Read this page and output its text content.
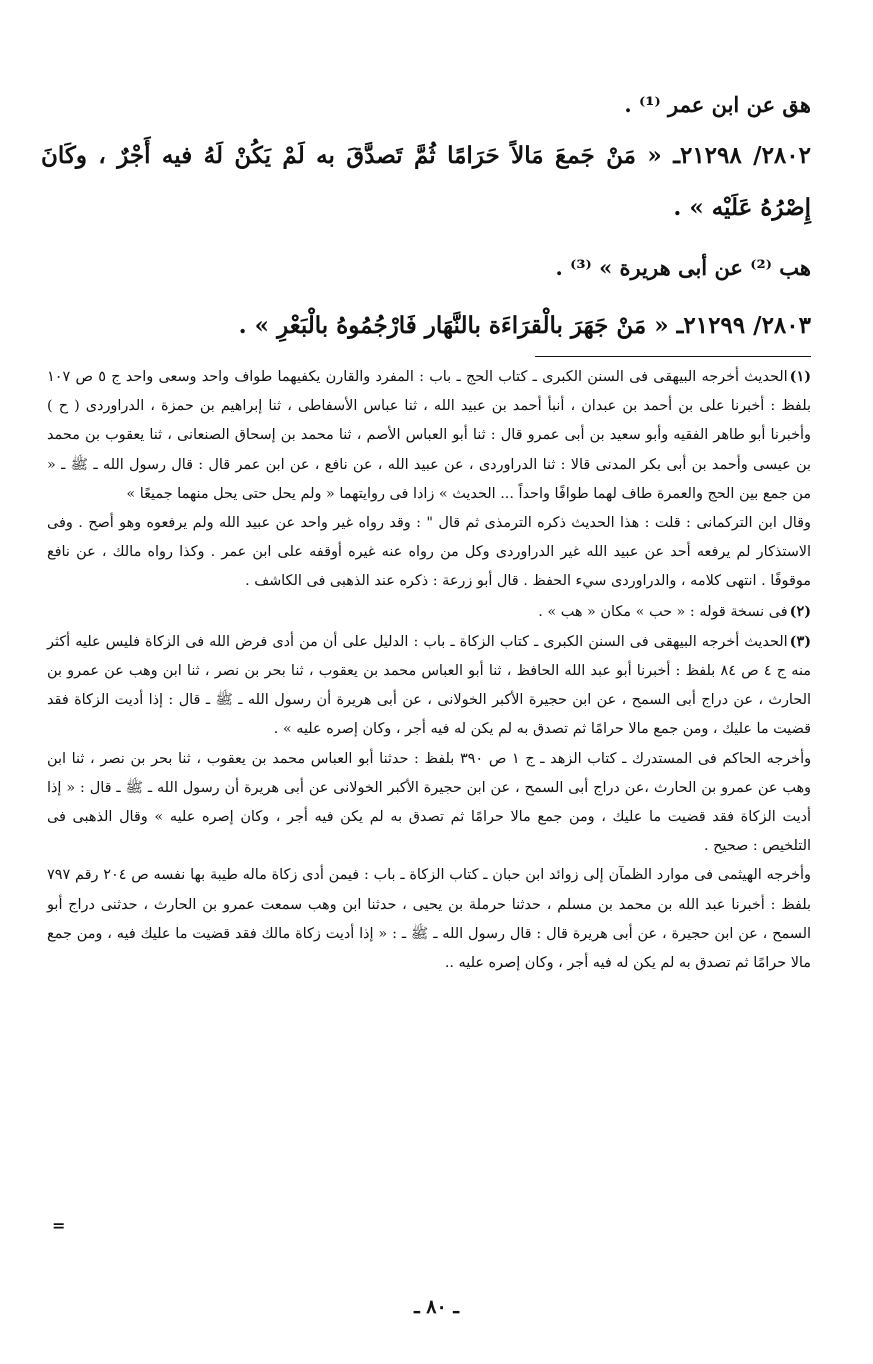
هق عن ابن عمر ⁽¹⁾ .

٢٨٠٢/ ٢١٢٩٨ـ « مَنْ جَمعَ مَالاً حَرَامًا ثُمَّ تَصدَّقَ به لَمْ يَكُنْ لَهُ فيه أَجْرٌ ، وكَانَ إِصْرُهُ عَلَيْه » .

هب ⁽²⁾ عن أبى هريرة » ⁽³⁾ .

٢٨٠٣/ ٢١٢٩٩ـ « مَنْ جَهَرَ بالْقرَاءَة بالنَّهَار فَارْجُمُوهُ بالْبَعْرِ » .

(١)الحديث أخرجه البيهقى فى السنن الكبرى ـ كتاب الحج ـ باب : المفرد والقارن يكفيهما طواف واحد وسعى واحد ج ٥ ص ١٠٧ بلفظ : أخبرنا على بن أحمد بن عبدان ، أنبأ أحمد بن عبيد الله ، ثنا عباس الأسفاطى ، ثنا إبراهيم بن حمزة ، الدراوردى ( ح ) وأخبرنا أبو طاهر الفقيه وأبو سعيد بن أبى عمرو قال : ثنا أبو العباس الأصم ، ثنا محمد بن إسحاق الصنعانى ، ثنا يعقوب بن محمد بن عيسى وأحمد بن أبى بكر المدنى قالا : ثنا الدراوردى ، عن عبيد الله ، عن نافع ، عن ابن عمر قال : قال رسول الله ـ ﷺ ـ « من جمع بين الحج والعمرة طاف لهما طوافًا واحداً ... الحديث » زادا فى روايتهما « ولم يحل حتى يحل منهما جميعًا »

وقال ابن التركمانى : قلت : هذا الحديث ذكره الترمذى ثم قال " : وقد رواه غير واحد عن عبيد الله ولم يرفعوه وهو أصح . وفى الاستذكار لم يرفعه أحد عن عبيد الله غير الدراوردى وكل من رواه عنه غيره أوقفه على ابن عمر . وكذا رواه مالك ، عن نافع موقوفًا . انتهى كلامه ، والدراوردى سيء الحفظ . قال أبو زرعة : ذكره عند الذهبى فى الكاشف .

(٢)فى نسخة قوله : « حب » مكان « هب » .

(٣)الحديث أخرجه البيهقى فى السنن الكبرى ـ كتاب الزكاة ـ باب : الدليل على أن من أدى فرض الله فى الزكاة فليس عليه أكثر منه ج ٤ ص ٨٤ بلفظ : أخبرنا أبو عبد الله الحافظ ، ثنا أبو العباس محمد بن يعقوب ، ثنا بحر بن نصر ، ثنا ابن وهب عن عمرو بن الحارث ، عن دراج أبى السمح ، عن ابن حجيرة الأكبر الخولانى ، عن أبى هريرة أن رسول الله ـ ﷺ ـ قال : إذا أديت الزكاة فقد قضيت ما عليك ، ومن جمع مالا حرامًا ثم تصدق به لم يكن له فيه أجر ، وكان إصره عليه » .

وأخرجه الحاكم فى المستدرك ـ كتاب الزهد ـ ج ١ ص ٣٩٠ بلفظ : حدثنا أبو العباس محمد بن يعقوب ، ثنا بحر بن نصر ، ثنا ابن وهب عن عمرو بن الحارث ،عن دراج أبى السمح ، عن ابن حجيرة الأكبر الخولانى عن أبى هريرة أن رسول الله ـ ﷺ ـ قال : « إذا أديت الزكاة فقد قضيت ما عليك ، ومن جمع مالا حرامًا ثم تصدق به لم يكن فيه أجر ، وكان إصره عليه » وقال الذهبى فى التلخيص : صحيح .

وأخرجه الهيثمى فى موارد الظمآن إلى زوائد ابن حبان ـ كتاب الزكاة ـ باب : فيمن أدى زكاة ماله طيبة بها نفسه ص ٢٠٤ رقم ٧٩٧ بلفظ : أخبرنا عبد الله بن محمد بن مسلم ، حدثنا حرملة بن يحيى ، حدثنا ابن وهب سمعت عمرو بن الحارث ، حدثنى دراج أبو السمح ، عن ابن حجيرة ، عن أبى هريرة قال : قال رسول الله ـ ﷺ ـ : « إذا أديت زكاة مالك فقد قضيت ما عليك فيه ، ومن جمع مالا حرامًا ثم تصدق به لم يكن له فيه أجر ، وكان إصره عليه ..

=
ـ ٨٠ ـ
